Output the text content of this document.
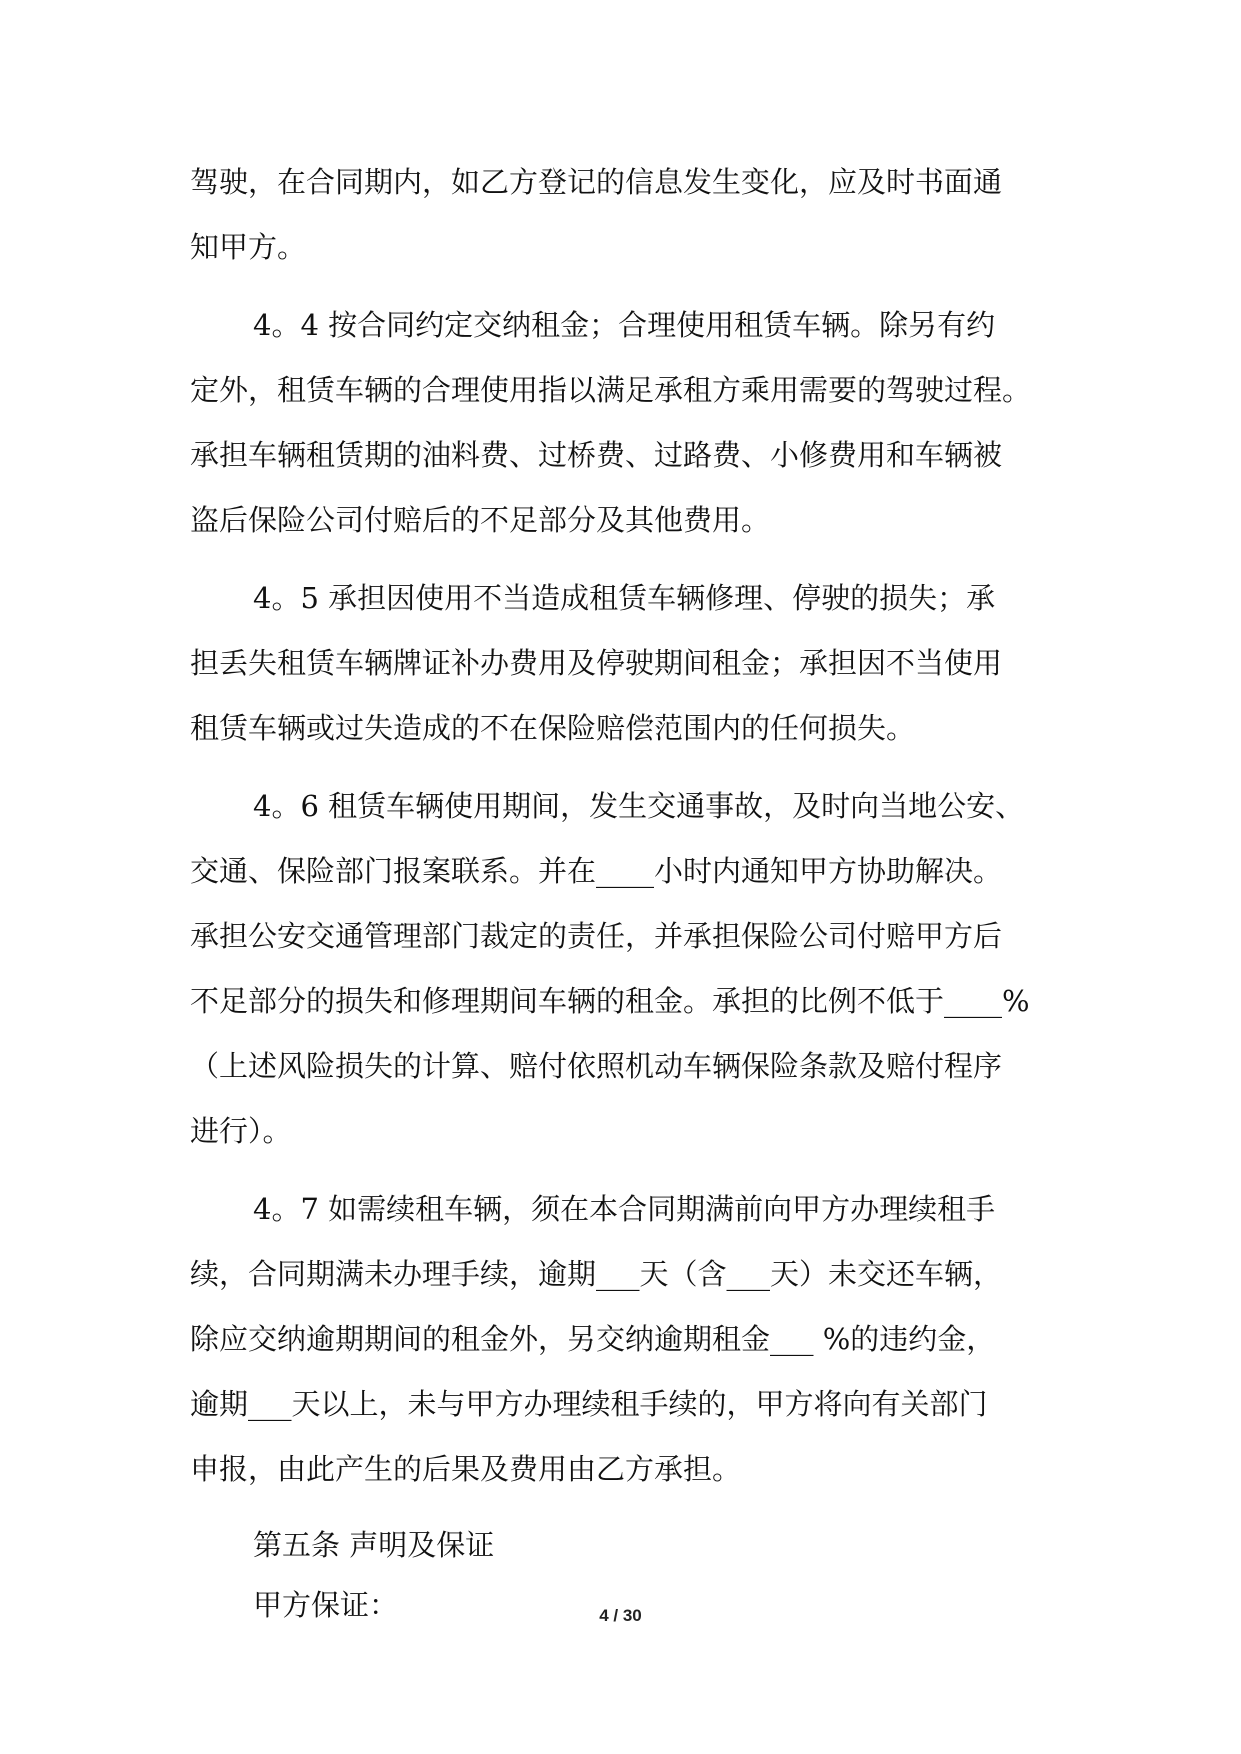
驾驶，在合同期内，如乙方登记的信息发生变化，应及时书面通
知甲方。
4。4 按合同约定交纳租金；合理使用租赁车辆。除另有约
定外，租赁车辆的合理使用指以满足承租方乘用需要的驾驶过程。
承担车辆租赁期的油料费、过桥费、过路费、小修费用和车辆被
盗后保险公司付赔后的不足部分及其他费用。
4。5 承担因使用不当造成租赁车辆修理、停驶的损失；承
担丢失租赁车辆牌证补办费用及停驶期间租金；承担因不当使用
租赁车辆或过失造成的不在保险赔偿范围内的任何损失。
4。6 租赁车辆使用期间，发生交通事故，及时向当地公安、
交通、保险部门报案联系。并在____小时内通知甲方协助解决。
承担公安交通管理部门裁定的责任，并承担保险公司付赔甲方后
不足部分的损失和修理期间车辆的租金。承担的比例不低于____%
（上述风险损失的计算、赔付依照机动车辆保险条款及赔付程序
进行）。
4。7 如需续租车辆，须在本合同期满前向甲方办理续租手
续，合同期满未办理手续，逾期___天（含___天）未交还车辆，
除应交纳逾期期间的租金外，另交纳逾期租金___ %的违约金，
逾期___天以上，未与甲方办理续租手续的，甲方将向有关部门
申报，由此产生的后果及费用由乙方承担。
第五条 声明及保证
甲方保证：	4 / 30
